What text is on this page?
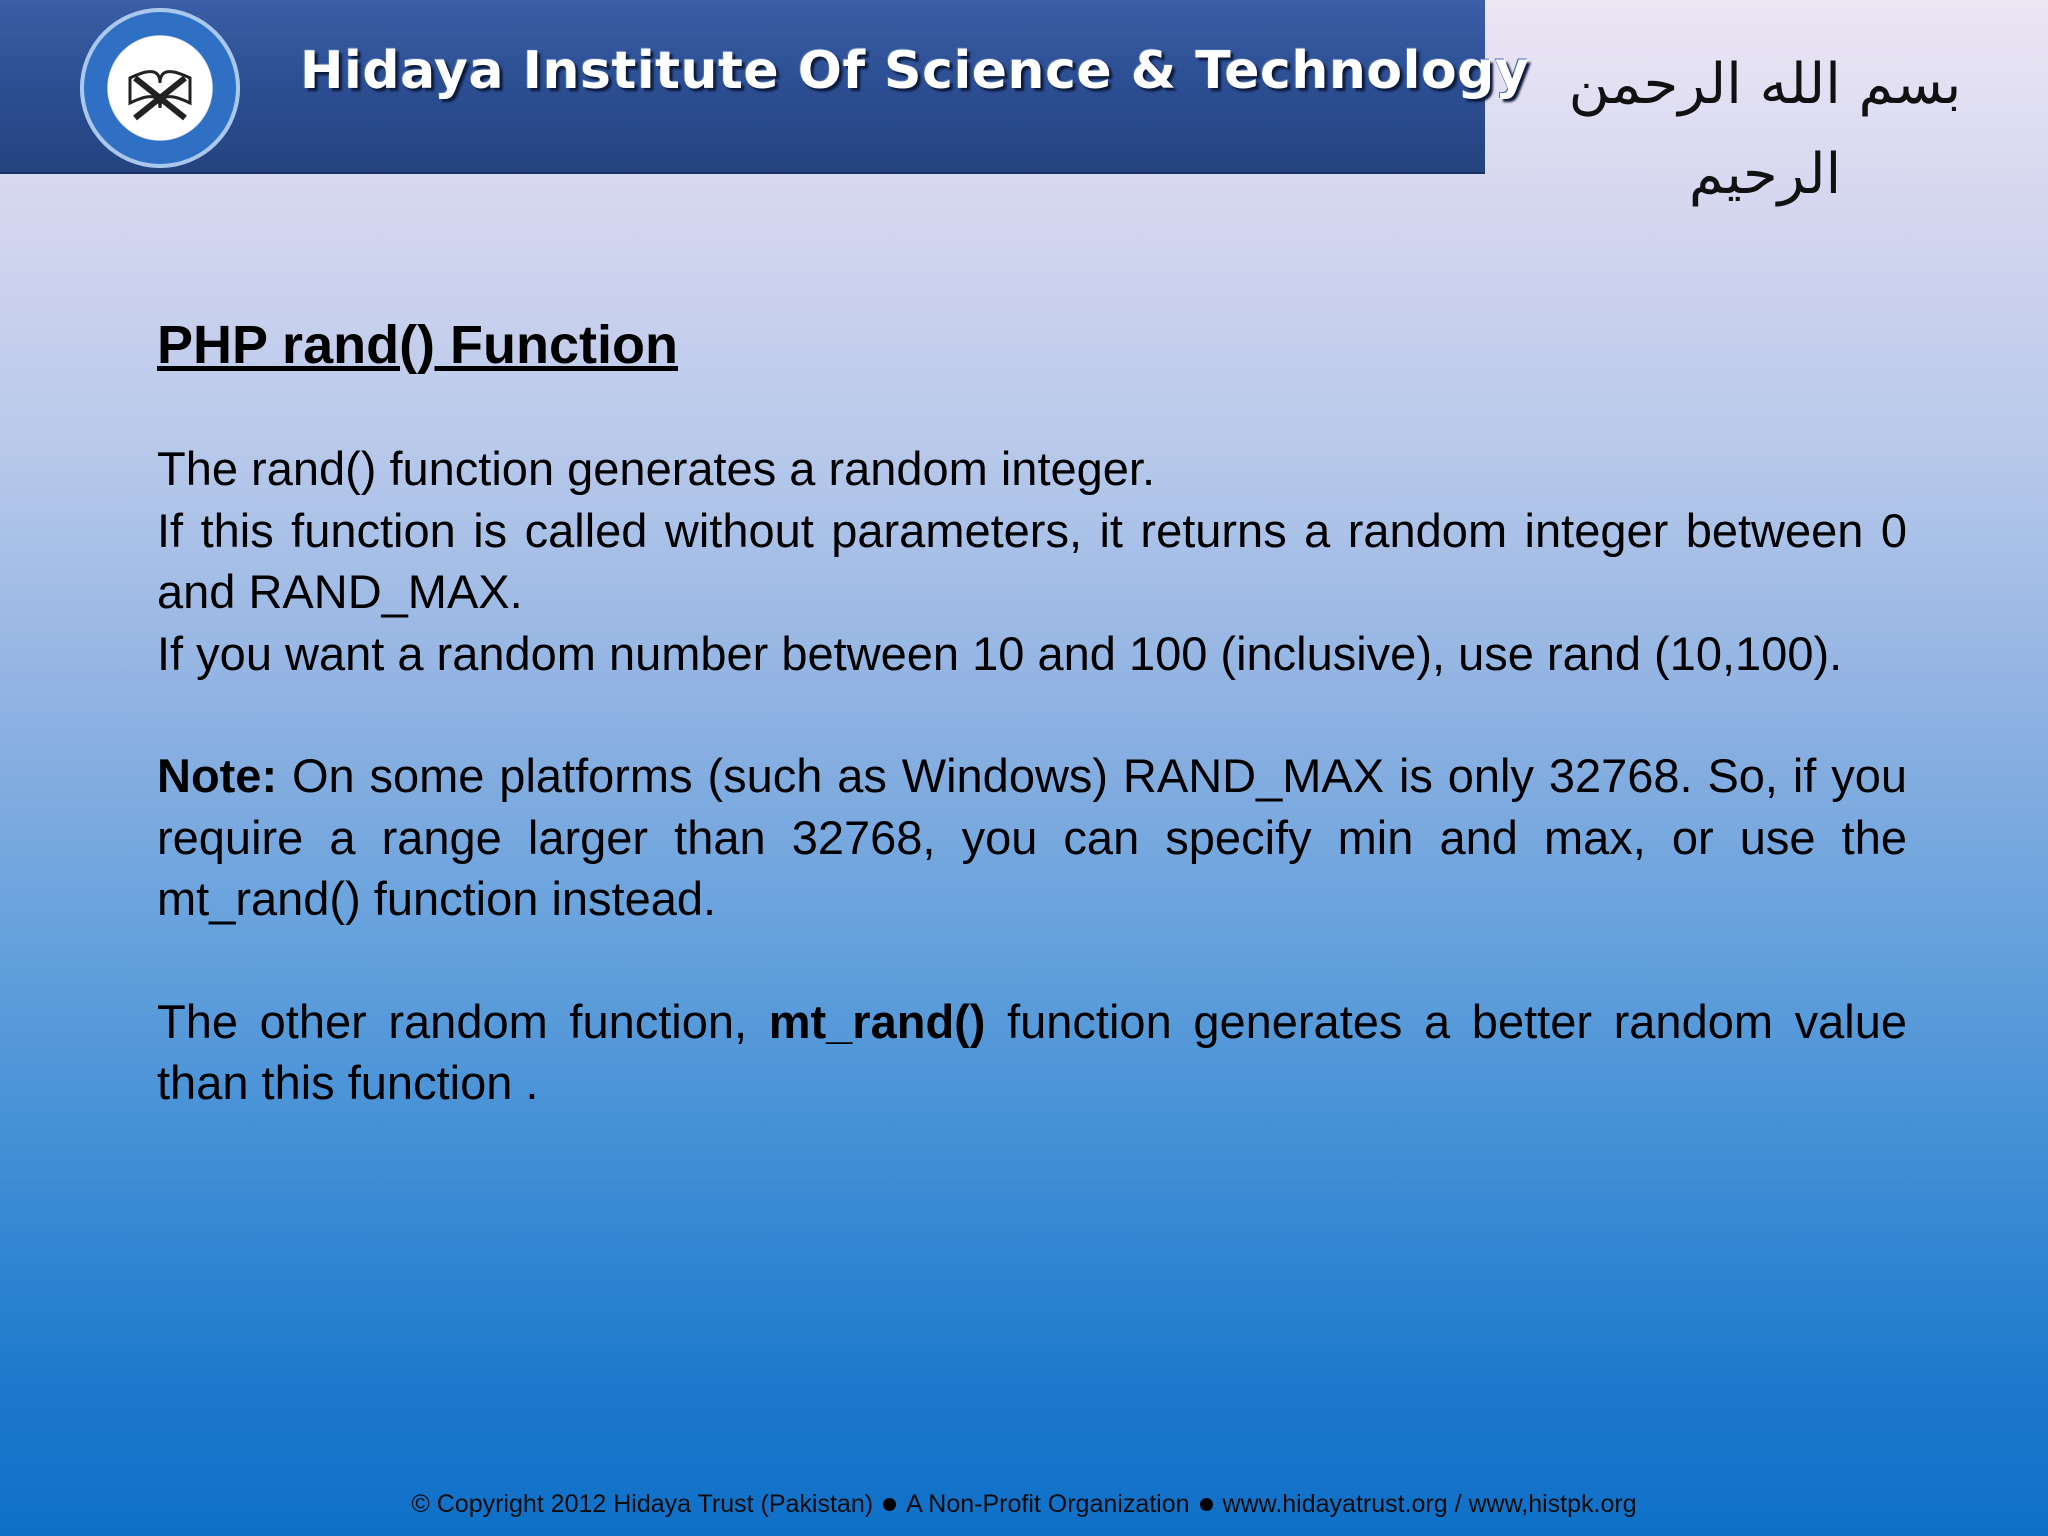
Hidaya Institute Of Science & Technology بسم الله الرحمن الرحيم
PHP rand() Function

The rand() function generates a random integer.

If this function is called without parameters, it returns a random integer between 0 and RAND_MAX.

If you want a random number between 10 and 100 (inclusive), use rand (10,100).

Note: On some platforms (such as Windows) RAND_MAX is only 32768. So, if you require a range larger than 32768, you can specify min and max, or use the mt_rand() function instead.

The other random function, mt_rand() function generates a better random value than this function .

© Copyright 2012 Hidaya Trust (Pakistan) A Non-Profit Organization www.hidayatrust.org / www,histpk.org
